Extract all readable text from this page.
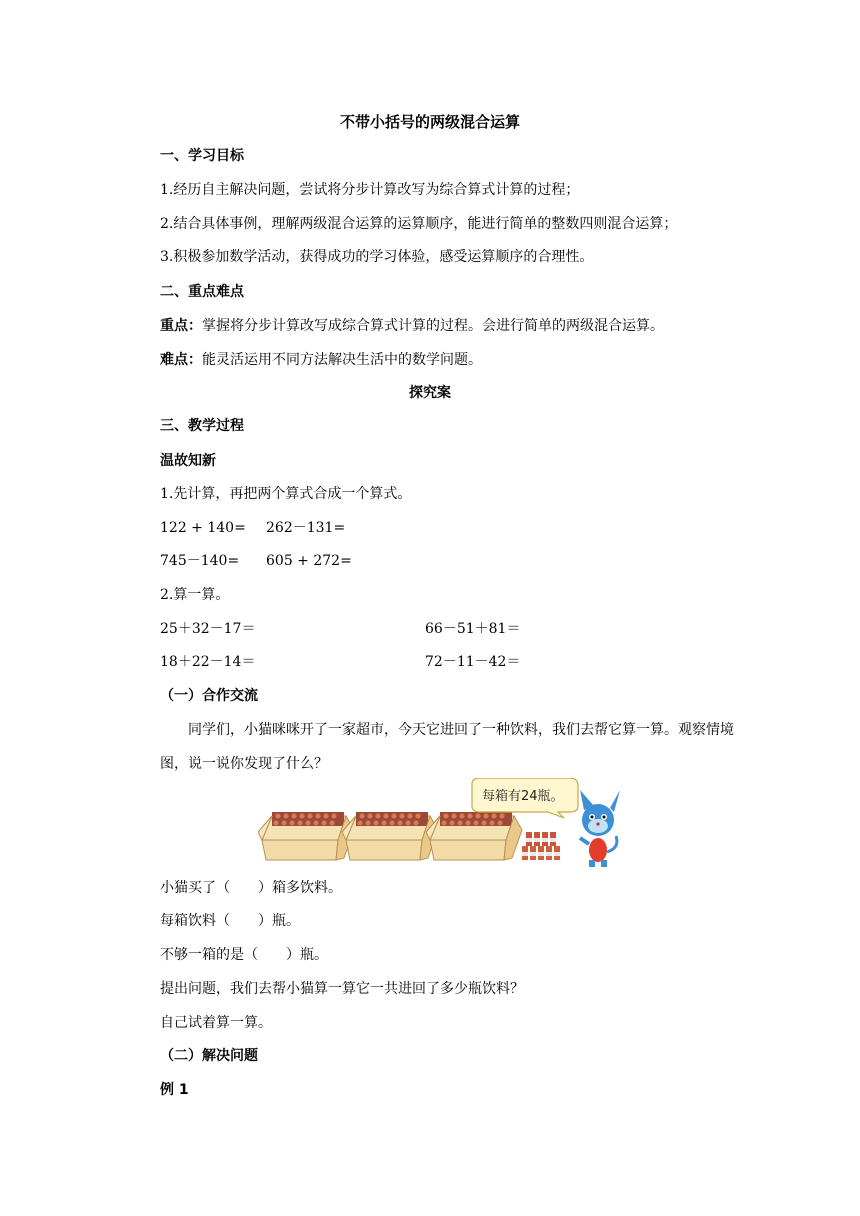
不带小括号的两级混合运算
一、学习目标
1.经历自主解决问题，尝试将分步计算改写为综合算式计算的过程；
2.结合具体事例，理解两级混合运算的运算顺序，能进行简单的整数四则混合运算；
3.积极参加数学活动，获得成功的学习体验，感受运算顺序的合理性。
二、重点难点
重点：掌握将分步计算改写成综合算式计算的过程。会进行简单的两级混合运算。
难点：能灵活运用不同方法解决生活中的数学问题。
探究案
三、教学过程
温故知新
1.先计算，再把两个算式合成一个算式。
122 + 140= 262－131=
745－140= 605 + 272=
2.算一算。
25＋32－17＝	66－51＋81＝
18＋22－14＝	72－11－42＝
（一）合作交流
同学们，小猫咪咪开了一家超市，今天它进回了一种饮料，我们去帮它算一算。观察情境图，说一说你发现了什么？
每箱有24瓶。
小猫买了（　　）箱多饮料。
每箱饮料（　　）瓶。
不够一箱的是（　　）瓶。
提出问题，我们去帮小猫算一算它一共进回了多少瓶饮料？
自己试着算一算。
（二）解决问题
例 1
